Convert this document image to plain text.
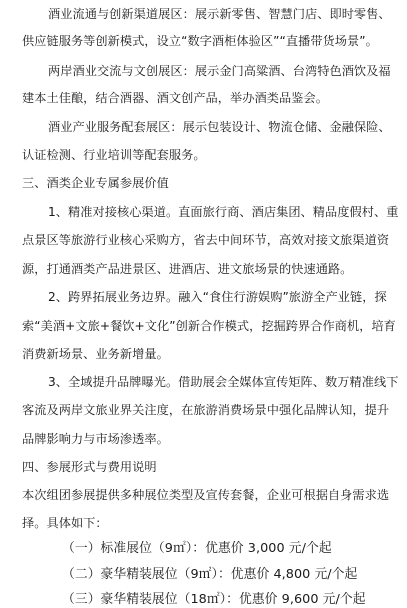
酒业流通与创新渠道展区：展示新零售、智慧门店、即时零售、

供应链服务等创新模式，设立“数字酒柜体验区”“直播带货场景”。

两岸酒业交流与文创展区：展示金门高粱酒、台湾特色酒饮及福

建本土佳酿，结合酒器、酒文创产品，举办酒类品鉴会。

酒业产业服务配套展区：展示包装设计、物流仓储、金融保险、

认证检测、行业培训等配套服务。

三、酒类企业专属参展价值

1、精准对接核心渠道。直面旅行商、酒店集团、精品度假村、重

点景区等旅游行业核心采购方，省去中间环节，高效对接文旅渠道资

源，打通酒类产品进景区、进酒店、进文旅场景的快速通路。

2、跨界拓展业务边界。融入“食住行游娱购”旅游全产业链，探

索“美酒+文旅+餐饮+文化”创新合作模式，挖掘跨界合作商机，培育

消费新场景、业务新增量。

3、全域提升品牌曝光。借助展会全媒体宣传矩阵、数万精准线下

客流及两岸文旅业界关注度，在旅游消费场景中强化品牌认知，提升

品牌影响力与市场渗透率。

四、参展形式与费用说明

本次组团参展提供多种展位类型及宣传套餐，企业可根据自身需求选

择。具体如下：

（一）标准展位（9㎡）：优惠价 3,000 元/个起

（二）豪华精装展位（9㎡）：优惠价 4,800 元/个起

（三）豪华精装展位（18㎡）：优惠价 9,600 元/个起
